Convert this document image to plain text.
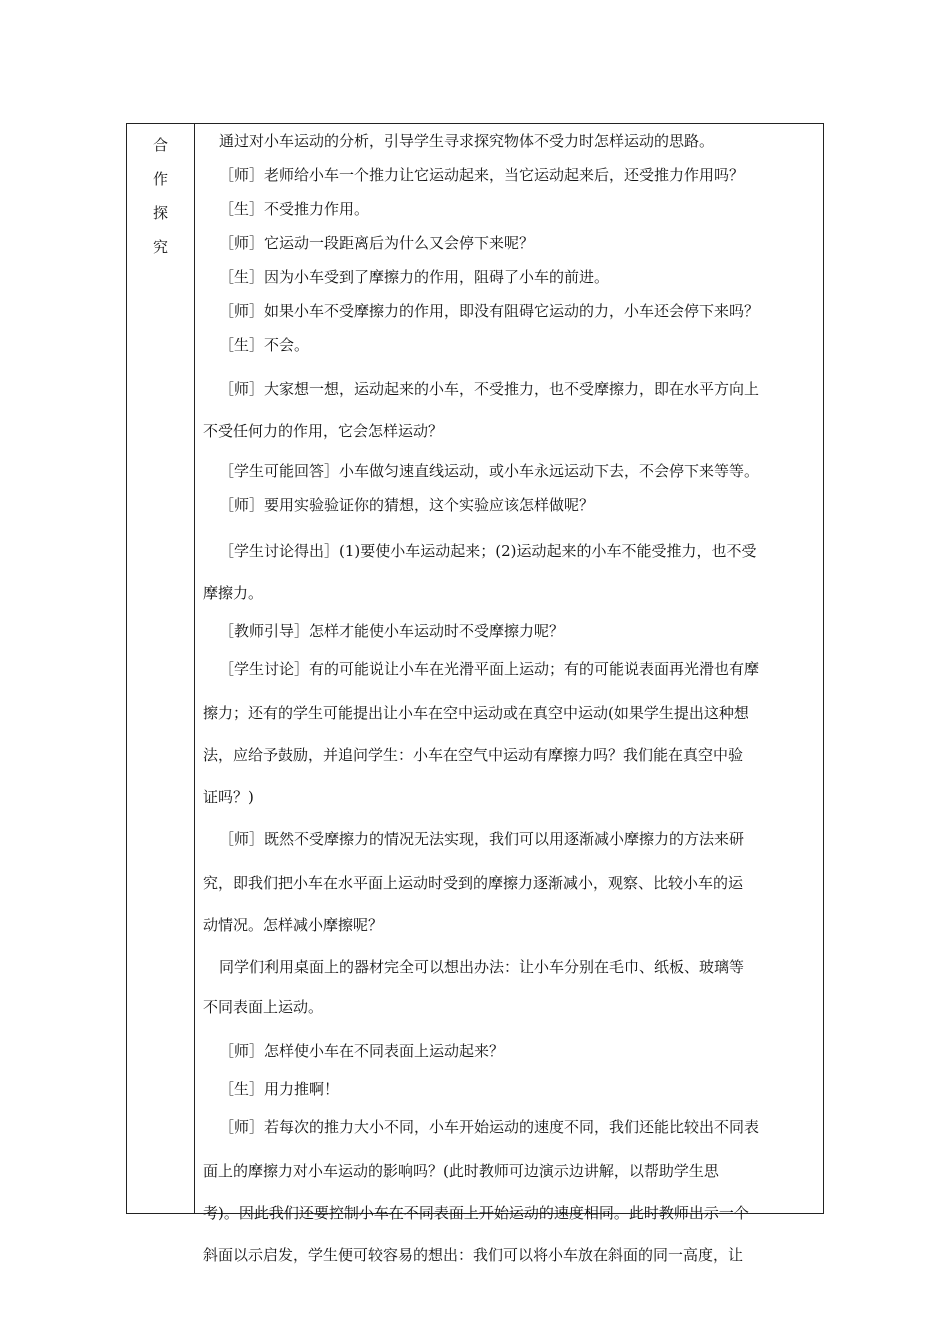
合
作
探
究
通过对小车运动的分析，引导学生寻求探究物体不受力时怎样运动的思路。
［师］老师给小车一个推力让它运动起来，当它运动起来后，还受推力作用吗？
［生］不受推力作用。
［师］它运动一段距离后为什么又会停下来呢？
［生］因为小车受到了摩擦力的作用，阻碍了小车的前进。
［师］如果小车不受摩擦力的作用，即没有阻碍它运动的力，小车还会停下来吗？
［生］不会。
［师］大家想一想，运动起来的小车，不受推力，也不受摩擦力，即在水平方向上
不受任何力的作用，它会怎样运动？
［学生可能回答］小车做匀速直线运动，或小车永远运动下去，不会停下来等等。
［师］要用实验验证你的猜想，这个实验应该怎样做呢？
［学生讨论得出］(1)要使小车运动起来；(2)运动起来的小车不能受推力，也不受
摩擦力。
［教师引导］怎样才能使小车运动时不受摩擦力呢？
［学生讨论］有的可能说让小车在光滑平面上运动；有的可能说表面再光滑也有摩
擦力；还有的学生可能提出让小车在空中运动或在真空中运动(如果学生提出这种想
法，应给予鼓励，并追问学生：小车在空气中运动有摩擦力吗？我们能在真空中验
证吗？)
［师］既然不受摩擦力的情况无法实现，我们可以用逐渐减小摩擦力的方法来研
究，即我们把小车在水平面上运动时受到的摩擦力逐渐减小，观察、比较小车的运
动情况。怎样减小摩擦呢？
同学们利用桌面上的器材完全可以想出办法：让小车分别在毛巾、纸板、玻璃等
不同表面上运动。
［师］怎样使小车在不同表面上运动起来？
［生］用力推啊！
［师］若每次的推力大小不同，小车开始运动的速度不同，我们还能比较出不同表
面上的摩擦力对小车运动的影响吗？(此时教师可边演示边讲解，以帮助学生思
考)。因此我们还要控制小车在不同表面上开始运动的速度相同。此时教师出示一个
斜面以示启发，学生便可较容易的想出：我们可以将小车放在斜面的同一高度，让
